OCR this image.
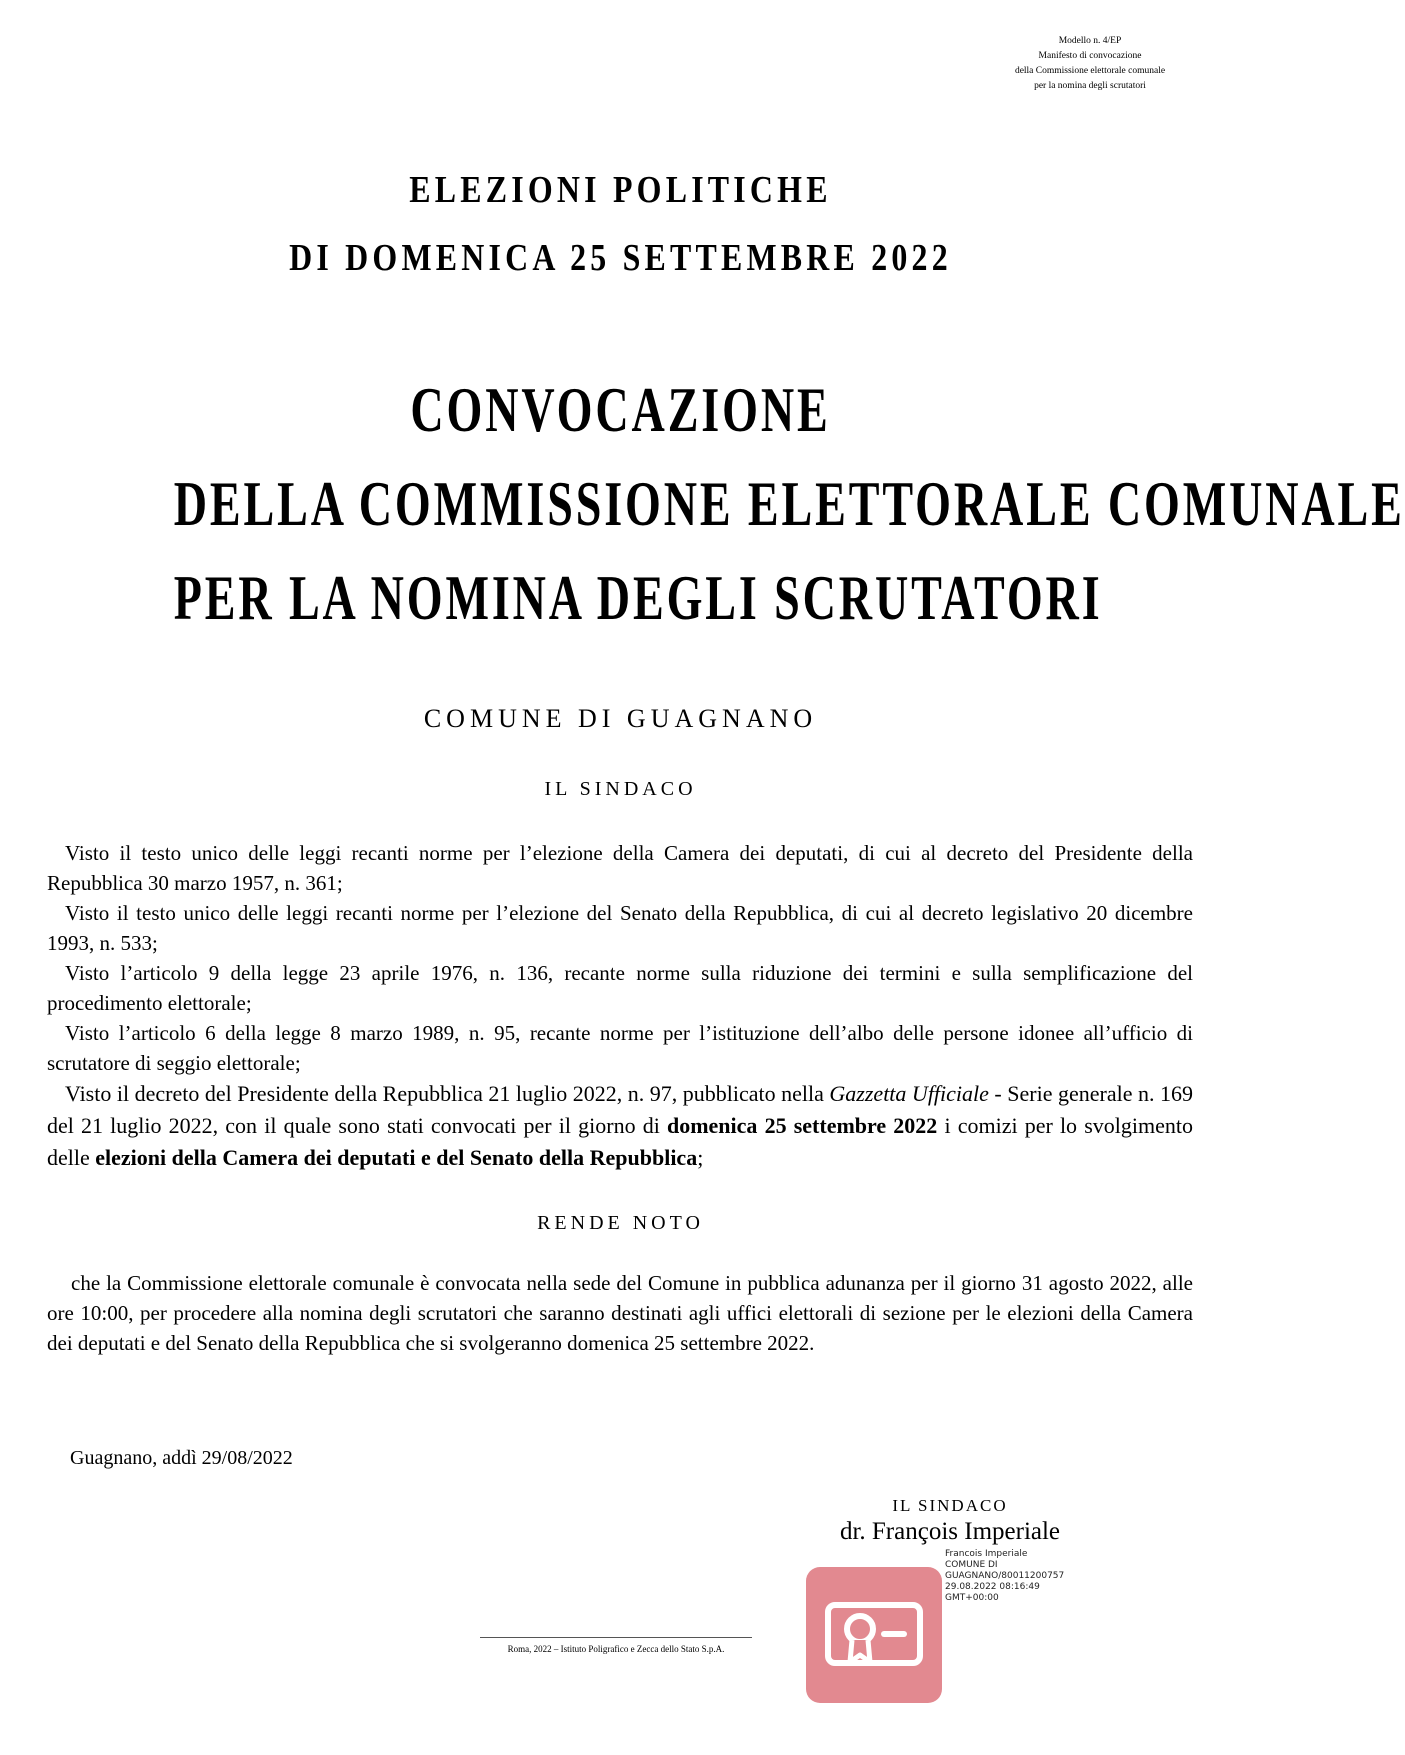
Modello n. 4/EP
Manifesto di convocazione
della Commissione elettorale comunale
per la nomina degli scrutatori
ELEZIONI POLITICHE
DI DOMENICA 25 SETTEMBRE 2022
CONVOCAZIONE
DELLA COMMISSIONE ELETTORALE COMUNALE
PER LA NOMINA DEGLI SCRUTATORI
COMUNE DI GUAGNANO
IL SINDACO

Visto il testo unico delle leggi recanti norme per l’elezione della Camera dei deputati, di cui al decreto del Presidente della Repubblica 30 marzo 1957, n. 361;

Visto il testo unico delle leggi recanti norme per l’elezione del Senato della Repubblica, di cui al decreto legislativo 20 dicembre 1993, n. 533;

Visto l’articolo 9 della legge 23 aprile 1976, n. 136, recante norme sulla riduzione dei termini e sulla semplificazione del procedimento elettorale;

Visto l’articolo 6 della legge 8 marzo 1989, n. 95, recante norme per l’istituzione dell’albo delle persone idonee all’ufficio di scrutatore di seggio elettorale;

Visto il decreto del Presidente della Repubblica 21 luglio 2022, n. 97, pubblicato nella Gazzetta Ufficiale - Serie generale n. 169 del 21 luglio 2022, con il quale sono stati convocati per il giorno di domenica 25 settembre 2022 i comizi per lo svolgimento delle elezioni della Camera dei deputati e del Senato della Repubblica;

RENDE NOTO

che la Commissione elettorale comunale è convocata nella sede del Comune in pubblica adunanza per il giorno 31 agosto 2022, alle ore 10:00, per procedere alla nomina degli scrutatori che saranno destinati agli uffici elettorali di sezione per le elezioni della Camera dei deputati e del Senato della Repubblica che si svolgeranno domenica 25 settembre 2022.

Guagnano, addì 29/08/2022
IL SINDACO
dr. François Imperiale
Francois Imperiale
COMUNE DI
GUAGNANO/80011200757
29.08.2022 08:16:49
GMT+00:00
Roma, 2022 – Istituto Poligrafico e Zecca dello Stato S.p.A.
